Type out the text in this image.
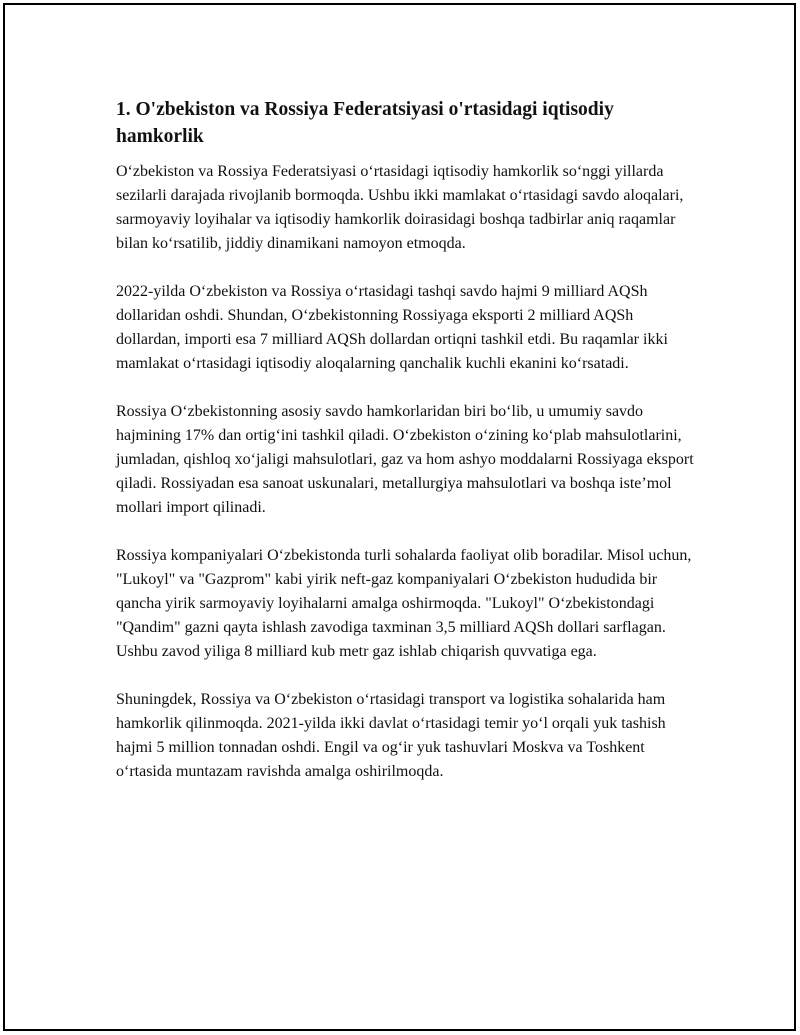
1. O'zbekiston va Rossiya Federatsiyasi o'rtasidagi iqtisodiy hamkorlik

O‘zbekiston va Rossiya Federatsiyasi o‘rtasidagi iqtisodiy hamkorlik so‘nggi yillarda sezilarli darajada rivojlanib bormoqda. Ushbu ikki mamlakat o‘rtasidagi savdo aloqalari, sarmoyaviy loyihalar va iqtisodiy hamkorlik doirasidagi boshqa tadbirlar aniq raqamlar bilan ko‘rsatilib, jiddiy dinamikani namoyon etmoqda.

2022-yilda O‘zbekiston va Rossiya o‘rtasidagi tashqi savdo hajmi 9 milliard AQSh dollaridan oshdi. Shundan, O‘zbekistonning Rossiyaga eksporti 2 milliard AQSh dollardan, importi esa 7 milliard AQSh dollardan ortiqni tashkil etdi. Bu raqamlar ikki mamlakat o‘rtasidagi iqtisodiy aloqalarning qanchalik kuchli ekanini ko‘rsatadi.

Rossiya O‘zbekistonning asosiy savdo hamkorlaridan biri bo‘lib, u umumiy savdo hajmining 17% dan ortig‘ini tashkil qiladi. O‘zbekiston o‘zining ko‘plab mahsulotlarini, jumladan, qishloq xo‘jaligi mahsulotlari, gaz va hom ashyo moddalarni Rossiyaga eksport qiladi. Rossiyadan esa sanoat uskunalari, metallurgiya mahsulotlari va boshqa iste’mol mollari import qilinadi.

Rossiya kompaniyalari O‘zbekistonda turli sohalarda faoliyat olib boradilar. Misol uchun, "Lukoyl" va "Gazprom" kabi yirik neft-gaz kompaniyalari O‘zbekiston hududida bir qancha yirik sarmoyaviy loyihalarni amalga oshirmoqda. "Lukoyl" O‘zbekistondagi "Qandim" gazni qayta ishlash zavodiga taxminan 3,5 milliard AQSh dollari sarflagan. Ushbu zavod yiliga 8 milliard kub metr gaz ishlab chiqarish quvvatiga ega.

Shuningdek, Rossiya va O‘zbekiston o‘rtasidagi transport va logistika sohalarida ham hamkorlik qilinmoqda. 2021-yilda ikki davlat o‘rtasidagi temir yo‘l orqali yuk tashish hajmi 5 million tonnadan oshdi. Engil va og‘ir yuk tashuvlari Moskva va Toshkent o‘rtasida muntazam ravishda amalga oshirilmoqda.
